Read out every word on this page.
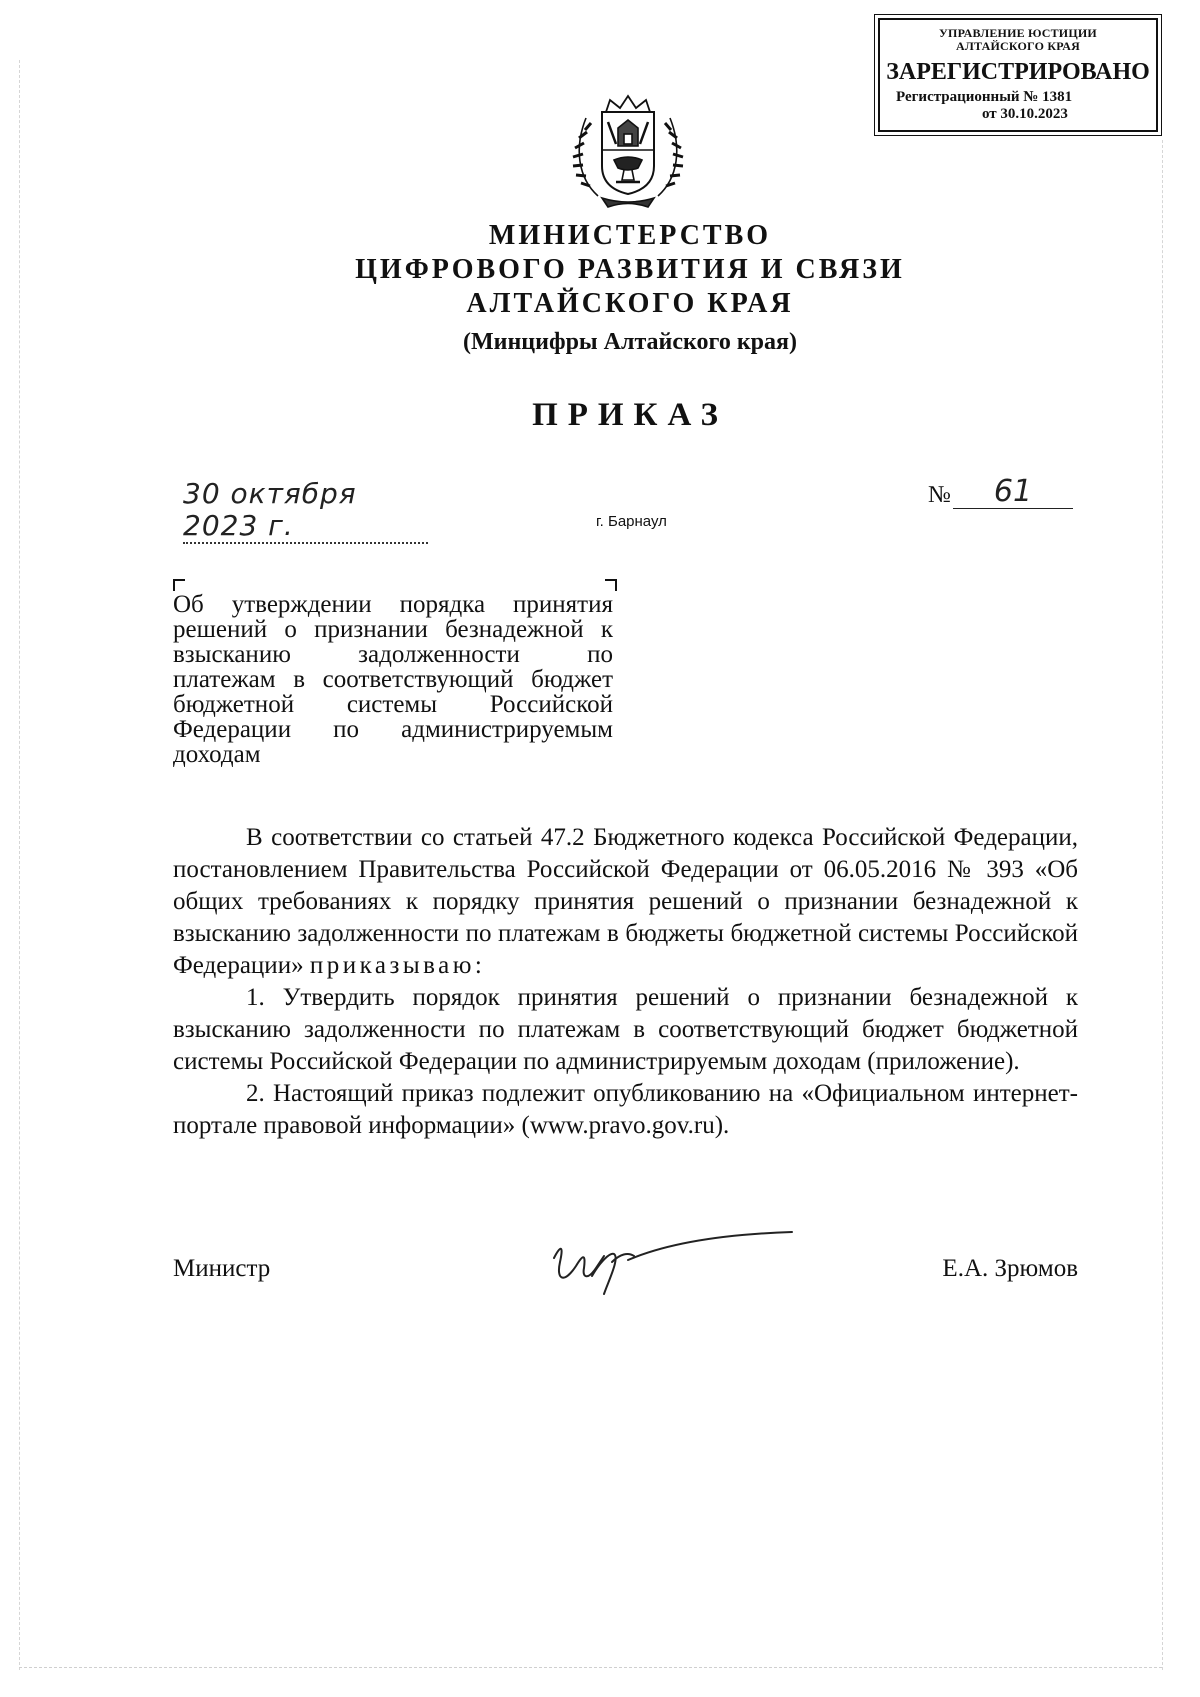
УПРАВЛЕНИЕ ЮСТИЦИИ
АЛТАЙСКОГО КРАЯ
ЗАРЕГИСТРИРОВАНО
Регистрационный № 1381
от 30.10.2023
МИНИСТЕРСТВО
ЦИФРОВОГО РАЗВИТИЯ И СВЯЗИ
АЛТАЙСКОГО КРАЯ
(Минцифры Алтайского края)
ПРИКАЗ
30 октября 2023 г.	г. Барнаул
№	61
Об утверждении порядка принятия
решений о признании безнадежной к
взысканию задолженности по
платежам в соответствующий бюджет
бюджетной системы Российской
Федерации по администрируемым
доходам

В соответствии со статьей 47.2 Бюджетного кодекса Российской Федерации, постановлением Правительства Российской Федерации от 06.05.2016 № 393 «Об общих требованиях к порядку принятия решений о признании безнадежной к взысканию задолженности по платежам в бюджеты бюджетной системы Российской Федерации» приказываю:

1. Утвердить порядок принятия решений о признании безнадежной к взысканию задолженности по платежам в соответствующий бюджет бюджетной системы Российской Федерации по администрируемым доходам (приложение).

2. Настоящий приказ подлежит опубликованию на «Официальном интернет-портале правовой информации» (www.pravo.gov.ru).

Министр	Е.А. Зрюмов
